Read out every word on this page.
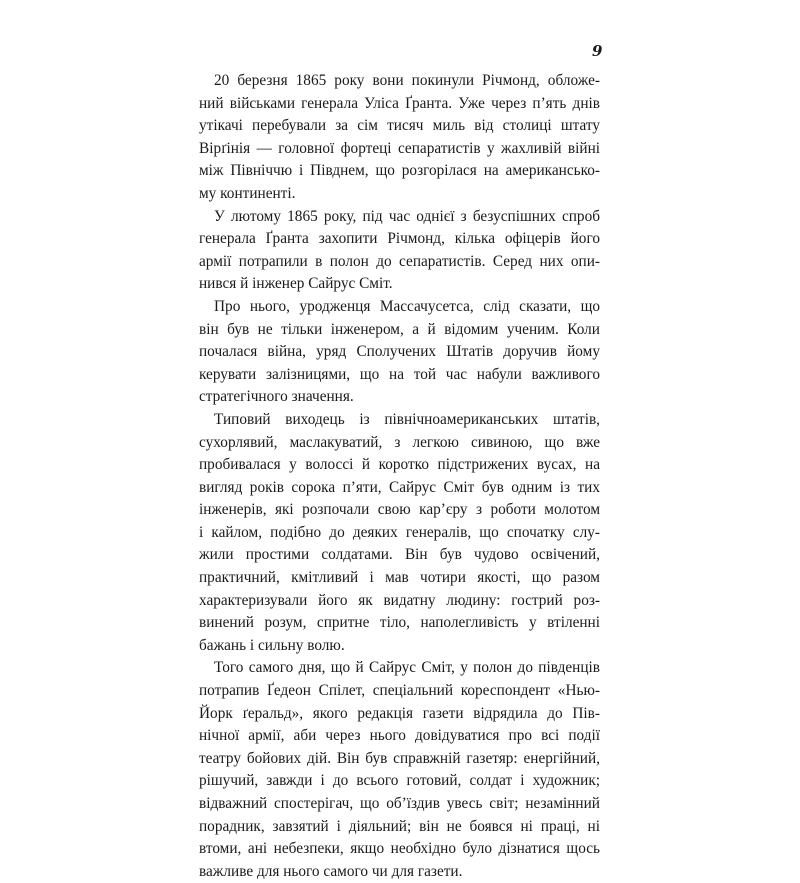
9
20 березня 1865 року вони покинули Річмонд, обложе-
ний військами генерала Уліса Ґранта. Уже через п’ять днів
утікачі перебували за сім тисяч миль від столиці штату
Вірґінія — головної фортеці сепаратистів у жахливій війні
між Північчю і Півднем, що розгорілася на американсько-
му континенті.
У лютому 1865 року, під час однієї з безуспішних спроб
генерала Ґранта захопити Річмонд, кілька офіцерів його
армії потрапили в полон до сепаратистів. Серед них опи-
нився й інженер Сайрус Сміт.
Про нього, уродженця Массачусетса, слід сказати, що
він був не тільки інженером, а й відомим ученим. Коли
почалася війна, уряд Сполучених Штатів доручив йому
керувати залізницями, що на той час набули важливого
стратегічного значення.
Типовий виходець із північноамериканських штатів,
сухорлявий, маслакуватий, з легкою сивиною, що вже
пробивалася у волоссі й коротко підстрижених вусах, на
вигляд років сорока п’яти, Сайрус Сміт був одним із тих
інженерів, які розпочали свою кар’єру з роботи молотом
і кайлом, подібно до деяких генералів, що спочатку слу-
жили простими солдатами. Він був чудово освічений,
практичний, кмітливий і мав чотири якості, що разом
характеризували його як видатну людину: гострий роз-
винений розум, спритне тіло, наполегливість у втіленні
бажань і сильну волю.
Того самого дня, що й Сайрус Сміт, у полон до південців
потрапив Ґедеон Спілет, спеціальний кореспондент «Нью-
Йорк ґеральд», якого редакція газети відрядила до Пів-
нічної армії, аби через нього довідуватися про всі події
театру бойових дій. Він був справжній газетяр: енергійний,
рішучий, завжди і до всього готовий, солдат і художник;
відважний спостерігач, що об’їздив увесь світ; незамінний
порадник, завзятий і діяльний; він не боявся ні праці, ні
втоми, ані небезпеки, якщо необхідно було дізнатися щось
важливе для нього самого чи для газети.
